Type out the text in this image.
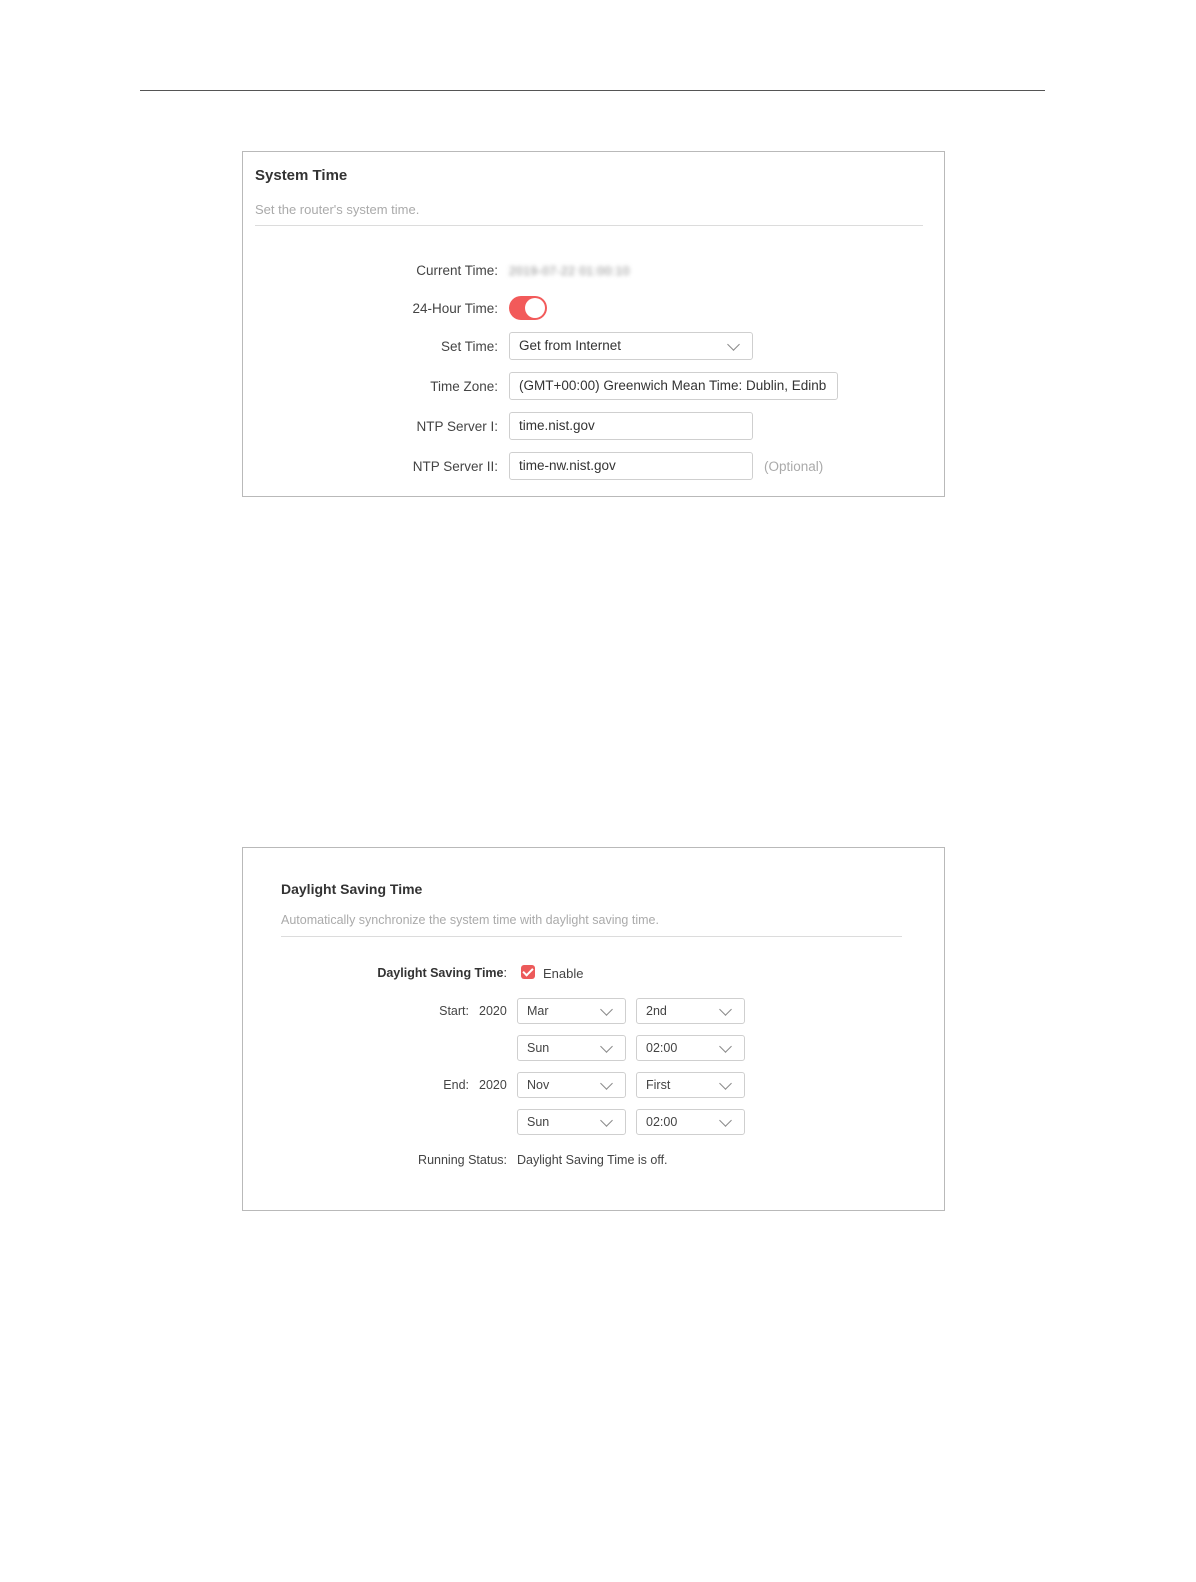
System Time
Set the router's system time.
Current Time: 2019-07-22 01:00:10
24-Hour Time:
Set Time:	Get from Internet
Time Zone:	(GMT+00:00) Greenwich Mean Time: Dublin, Edinb
NTP Server I:	time.nist.gov
NTP Server II:	time-nw.nist.gov	(Optional)
Daylight Saving Time
Automatically synchronize the system time with daylight saving time.
Daylight Saving Time:	Enable
Start: 2020	Mar	2nd
Sun	02:00
End: 2020	Nov	First
Sun	02:00
Running Status: Daylight Saving Time is off.
